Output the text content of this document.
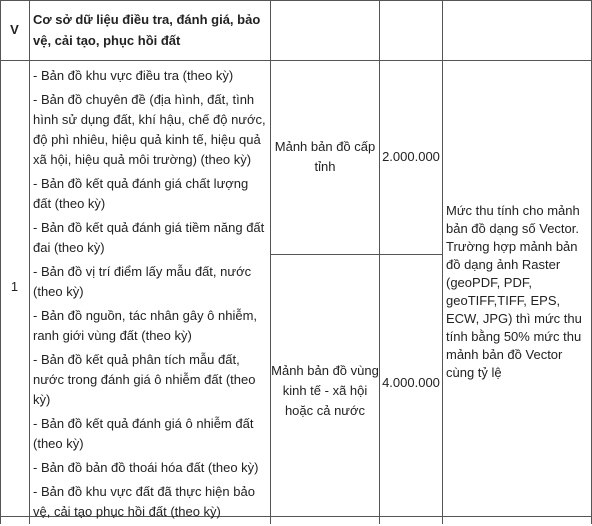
V
Cơ sở dữ liệu điều tra, đánh giá, bảo vệ, cải tạo, phục hồi đất
1
- Bản đồ khu vực điều tra (theo kỳ)
- Bản đồ chuyên đề (địa hình, đất, tình hình sử dụng đất, khí hậu, chế độ nước, độ phì nhiêu, hiệu quả kinh tế, hiệu quả xã hội, hiệu quả môi trường) (theo kỳ)
- Bản đồ kết quả đánh giá chất lượng đất (theo kỳ)
- Bản đồ kết quả đánh giá tiềm năng đất đai (theo kỳ)
- Bản đồ vị trí điểm lấy mẫu đất, nước (theo kỳ)
- Bản đồ nguồn, tác nhân gây ô nhiễm, ranh giới vùng đất (theo kỳ)
- Bản đồ kết quả phân tích mẫu đất, nước trong đánh giá ô nhiễm đất (theo kỳ)
- Bản đồ kết quả đánh giá ô nhiễm đất (theo kỳ)
- Bản đồ bản đồ thoái hóa đất (theo kỳ)
- Bản đồ khu vực đất đã thực hiện bảo vệ, cải tạo phục hồi đất (theo kỳ)
Mảnh bản đồ cấp tỉnh
2.000.000
Mảnh bản đồ vùng kinh tế - xã hội hoặc cả nước
4.000.000
Mức thu tính cho mảnh bản đồ dạng số Vector. Trường hợp mảnh bản đồ dạng ảnh Raster (geoPDF, PDF, geoTIFF,TIFF, EPS, ECW, JPG) thì mức thu tính bằng 50% mức thu mảnh bản đồ Vector cùng tỷ lệ
